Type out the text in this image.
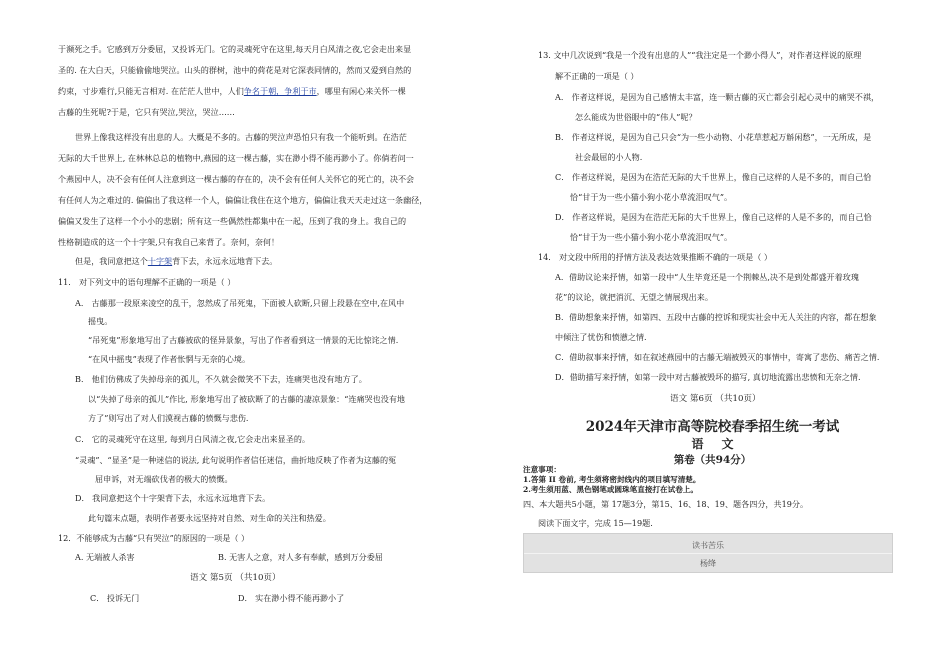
于濒死之手。它感到万分委屈，又投诉无门。它的灵魂死守在这里,每天月白风清之夜,它会走出来显
圣的. 在大白天，只能偷偷地哭泣。山头的群树，池中的荷花是对它深表同情的，然而又爱到自然的
约束，寸步难行,只能无言相对. 在茫茫人世中，人们争名于朝，争利于市，哪里有闲心来关怀一棵
古藤的生死呢?于是，它只有哭泣,哭泣，哭泣……
世界上像我这样没有出息的人。大概是不多的。古藤的哭泣声恐怕只有我一个能听到。在浩茫
无际的大千世界上, 在林林总总的植物中,燕园的这一棵古藤，实在渺小得不能再渺小了。你倘若问一
个燕园中人，决不会有任何人注意到这一棵古藤的存在的，决不会有任何人关怀它的死亡的，决不会
有任何人为之难过的. 偏偏出了我这样一个人，偏偏让我住在这个地方，偏偏让我天天走过这一条幽径，
偏偏又发生了这样一个小小的悲剧；所有这一些偶然性都集中在一起，压到了我的身上。我自己的
性格制造成的这一个十字架,只有我自己来背了。奈何，奈何！
但是，我同意把这个十字架背下去，永远永远地背下去。
11． 对下列文中的语句理解不正确的一项是（ ）
A． 古藤那一段原来凌空的乱干，忽然成了吊死鬼，下面被人砍断,只留上段悬在空中,在风中
摇曳。
“吊死鬼”形象地写出了古藤被砍的怪异景象，写出了作者看到这一情景的无比惊诧之情.
“在风中摇曳”表现了作者怅惘与无奈的心境。
B． 他们仿佛成了失掉母亲的孤儿，不久就会微笑不下去，连痛哭也没有地方了。
以“失掉了母亲的孤儿”作比, 形象地写出了被砍断了的古藤的凄凉景象：“连痛哭也没有地
方了”则写出了对人们漠视古藤的愤慨与悲伤.
C． 它的灵魂死守在这里, 每到月白风清之夜,它会走出来显圣的。
“灵魂”、“显圣”是一种迷信的说法, 此句说明作者信任迷信，曲折地反映了作者为这藤的冤
屈申诉，对无端砍伐者的极大的愤慨。
D． 我同意把这个十字架背下去，永远永远地背下去。
此句篇末点题，表明作者要永远坚持对自然、对生命的关注和热爱。
12．不能够成为古藤“只有哭泣”的原因的一项是（ ）
A. 无端被人杀害	B. 无害人之意，对人多有奉献，感到万分委屈
语文 第5页 （共10页）
C． 投诉无门	D． 实在渺小得不能再渺小了
13. 文中几次说到“我是一个没有出息的人”“我注定是一个渺小得人”，对作者这样说的原理
解不正确的一项是（ ）
A． 作者这样说，是因为自己感情太丰富，连一颗古藤的灭亡都会引起心灵中的痛哭不祺，
怎么能成为世俗眼中的“伟人”呢？
B． 作者这样说，是因为自己只会“为一些小动物、小花草惹起万斛闲愁”，一无所成，是
社会最屈的小人物.
C． 作者这样说，是因为在浩茫无际的大千世界上，像自己这样的人是不多的，而自己恰
恰“甘于为一些小猫小狗小花小草流泪叹气”。
D． 作者这样说，是因为在浩茫无际的大千世界上，像自己这样的人是不多的，而自己恰
恰“甘于为一些小猫小狗小花小草流泪叹气”。
14． 对文段中所用的抒情方法及表达效果推断不确的一项是（ ）
A．借助议论来抒情，如第一段中“人生毕竟还是一个荆棘丛,决不是到处都盛开着玫瑰
花”的议论，就把消沉、无望之情展现出来。
B．借助想象来抒情，如第四、五段中古藤的控诉和现实社会中无人关注的内容，都在想象
中倾注了忧伤和愤懑之情.
C．借助叙事来抒情，如在叙述燕园中的古藤无端被毁灭的事情中，寄寓了悲伤、痛苦之情.
D．借助描写来抒情，如第一段中对古藤被毁坏的描写, 真切地流露出悲愤和无奈之情.
语文 第6页 （共10页）
2024年天津市高等院校春季招生统一考试
语文
第卷（共94分）
注意事项：
1.答第 II 卷前, 考生须将密封线内的项目填写清楚。
2.考生须用蓝、黑色钢笔或圆珠笔直接打在试卷上。
四、本大题共5小题，第 17题3分，第15、16、18、19、题各四分，共19分。
阅读下面文字，完成 15—19题.
读书苦乐
杨绛
